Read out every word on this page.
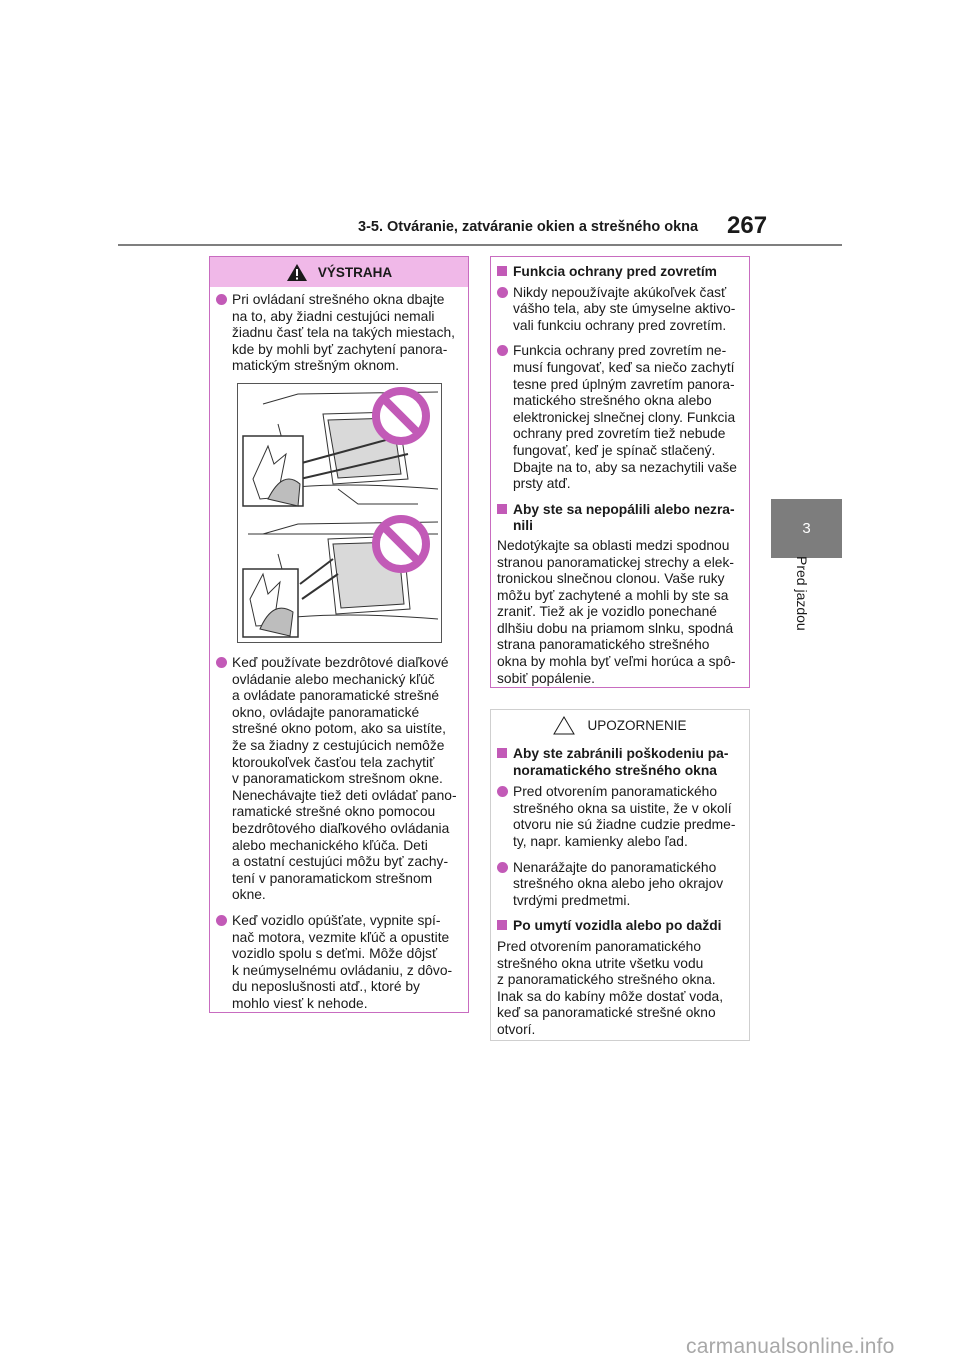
3-5. Otváranie, zatváranie okien a strešného okna 267
3
Pred jazdou
VÝSTRAHA
Pri ovládaní strešného okna dbajte
na to, aby žiadni cestujúci nemali
žiadnu časť tela na takých miestach,
kde by mohli byť zachytení panora-
matickým strešným oknom.
Keď používate bezdrôtové diaľkové
ovládanie alebo mechanický kľúč
a ovládate panoramatické strešné
okno, ovládajte panoramatické
strešné okno potom, ako sa uistíte,
že sa žiadny z cestujúcich nemôže
ktoroukoľvek časťou tela zachytiť
v panoramatickom strešnom okne.
Nenechávajte tiež deti ovládať pano-
ramatické strešné okno pomocou
bezdrôtového diaľkového ovládania
alebo mechanického kľúča. Deti
a ostatní cestujúci môžu byť zachy-
tení v panoramatickom strešnom
okne.
Keď vozidlo opúšťate, vypnite spí-
nač motora, vezmite kľúč a opustite
vozidlo spolu s deťmi. Môže dôjsť
k neúmyselnému ovládaniu, z dôvo-
du neposlušnosti atď., ktoré by
mohlo viesť k nehode.
Funkcia ochrany pred zovretím
Nikdy nepoužívajte akúkoľvek časť
vášho tela, aby ste úmyselne aktivo-
vali funkciu ochrany pred zovretím.
Funkcia ochrany pred zovretím ne-
musí fungovať, keď sa niečo zachytí
tesne pred úplným zavretím panora-
matického strešného okna alebo
elektronickej slnečnej clony. Funkcia
ochrany pred zovretím tiež nebude
fungovať, keď je spínač stlačený.
Dbajte na to, aby sa nezachytili vaše
prsty atď.
Aby ste sa nepopálili alebo nezra-
nili
Nedotýkajte sa oblasti medzi spodnou
stranou panoramatickej strechy a elek-
tronickou slnečnou clonou. Vaše ruky
môžu byť zachytené a mohli by ste sa
zraniť. Tiež ak je vozidlo ponechané
dlhšiu dobu na priamom slnku, spodná
strana panoramatického strešného
okna by mohla byť veľmi horúca a spô-
sobiť popálenie.
UPOZORNENIE
Aby ste zabránili poškodeniu pa-
noramatického strešného okna
Pred otvorením panoramatického
strešného okna sa uistite, že v okolí
otvoru nie sú žiadne cudzie predme-
ty, napr. kamienky alebo ľad.
Nenarážajte do panoramatického
strešného okna alebo jeho okrajov
tvrdými predmetmi.
Po umytí vozidla alebo po daždi
Pred otvorením panoramatického
strešného okna utrite všetku vodu
z panoramatického strešného okna.
Inak sa do kabíny môže dostať voda,
keď sa panoramatické strešné okno
otvorí.
carmanualsonline.info
